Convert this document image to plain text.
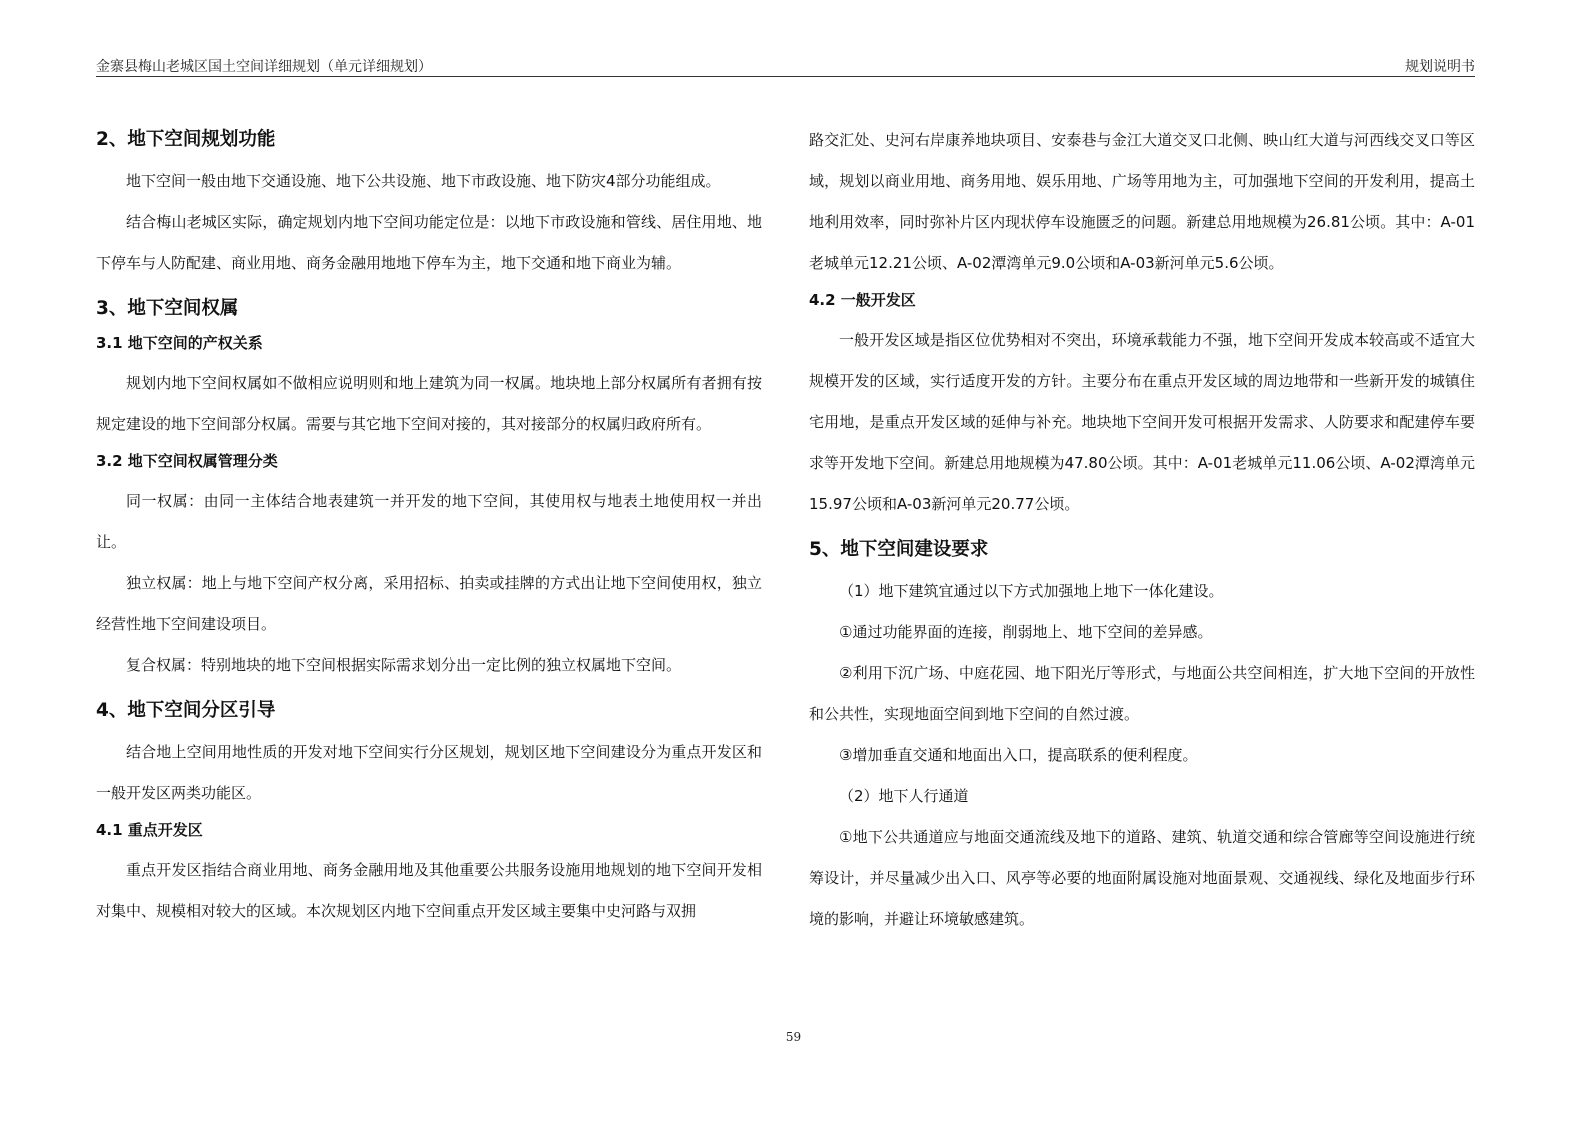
金寨县梅山老城区国土空间详细规划（单元详细规划）	规划说明书
2、地下空间规划功能

地下空间一般由地下交通设施、地下公共设施、地下市政设施、地下防灾4部分功能组成。

结合梅山老城区实际，确定规划内地下空间功能定位是：以地下市政设施和管线、居住用地、地下停车与人防配建、商业用地、商务金融用地地下停车为主，地下交通和地下商业为辅。

3、地下空间权属
3.1 地下空间的产权关系

规划内地下空间权属如不做相应说明则和地上建筑为同一权属。地块地上部分权属所有者拥有按规定建设的地下空间部分权属。需要与其它地下空间对接的，其对接部分的权属归政府所有。

3.2 地下空间权属管理分类

同一权属：由同一主体结合地表建筑一并开发的地下空间，其使用权与地表土地使用权一并出让。

独立权属：地上与地下空间产权分离，采用招标、拍卖或挂牌的方式出让地下空间使用权，独立经营性地下空间建设项目。

复合权属：特别地块的地下空间根据实际需求划分出一定比例的独立权属地下空间。

4、地下空间分区引导

结合地上空间用地性质的开发对地下空间实行分区规划，规划区地下空间建设分为重点开发区和一般开发区两类功能区。

4.1 重点开发区

重点开发区指结合商业用地、商务金融用地及其他重要公共服务设施用地规划的地下空间开发相对集中、规模相对较大的区域。本次规划区内地下空间重点开发区域主要集中史河路与双拥

路交汇处、史河右岸康养地块项目、安泰巷与金江大道交叉口北侧、映山红大道与河西线交叉口等区域，规划以商业用地、商务用地、娱乐用地、广场等用地为主，可加强地下空间的开发利用，提高土地利用效率，同时弥补片区内现状停车设施匮乏的问题。新建总用地规模为26.81公顷。其中：A-01老城单元12.21公顷、A-02潭湾单元9.0公顷和A-03新河单元5.6公顷。

4.2 一般开发区

一般开发区域是指区位优势相对不突出，环境承载能力不强，地下空间开发成本较高或不适宜大规模开发的区域，实行适度开发的方针。主要分布在重点开发区域的周边地带和一些新开发的城镇住宅用地，是重点开发区域的延伸与补充。地块地下空间开发可根据开发需求、人防要求和配建停车要求等开发地下空间。新建总用地规模为47.80公顷。其中：A-01老城单元11.06公顷、A-02潭湾单元15.97公顷和A-03新河单元20.77公顷。

5、地下空间建设要求

（1）地下建筑宜通过以下方式加强地上地下一体化建设。

①通过功能界面的连接，削弱地上、地下空间的差异感。

②利用下沉广场、中庭花园、地下阳光厅等形式，与地面公共空间相连，扩大地下空间的开放性和公共性，实现地面空间到地下空间的自然过渡。

③增加垂直交通和地面出入口，提高联系的便利程度。

（2）地下人行通道

①地下公共通道应与地面交通流线及地下的道路、建筑、轨道交通和综合管廊等空间设施进行统筹设计，并尽量减少出入口、风亭等必要的地面附属设施对地面景观、交通视线、绿化及地面步行环境的影响，并避让环境敏感建筑。

59
